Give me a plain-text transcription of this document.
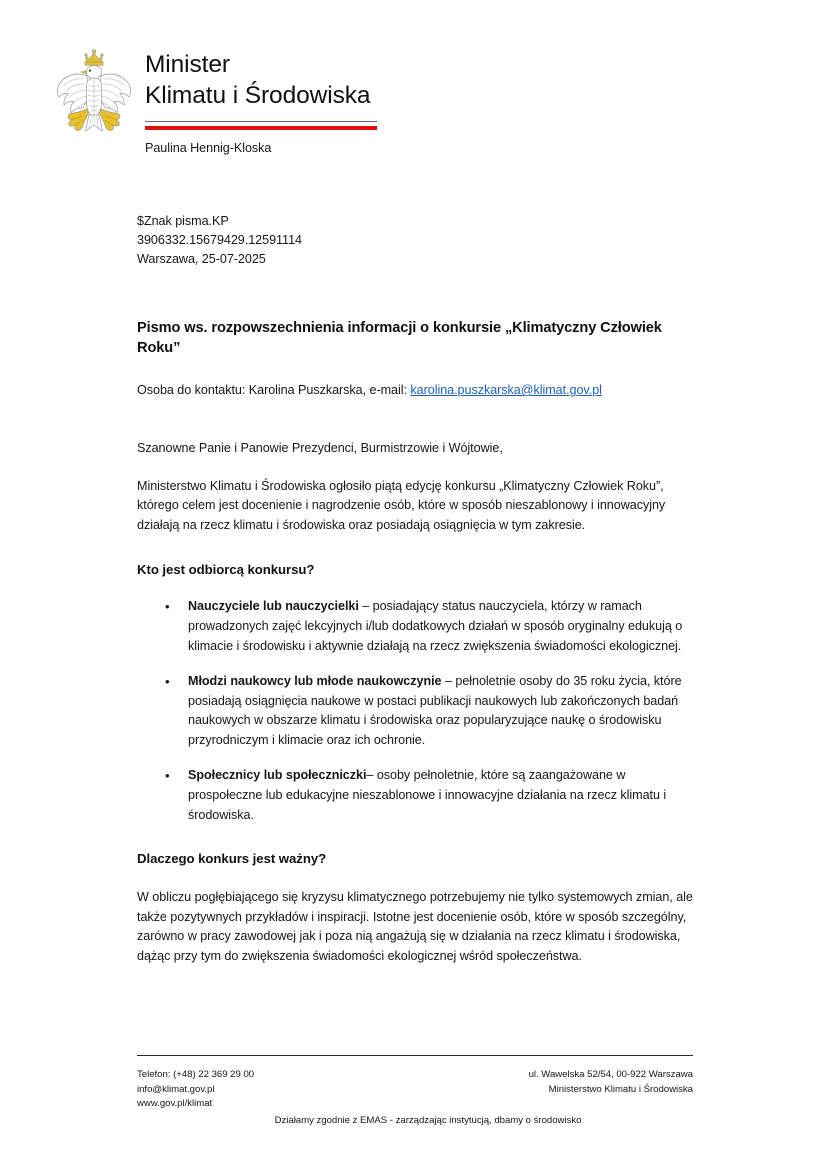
Minister
Klimatu i Środowiska
Paulina Hennig-Kloska
$Znak pisma.KP
3906332.15679429.12591114
Warszawa, 25-07-2025
Pismo ws. rozpowszechnienia informacji o konkursie „Klimatyczny Człowiek Roku”
Osoba do kontaktu: Karolina Puszkarska, e-mail: karolina.puszkarska@klimat.gov.pl
Szanowne Panie i Panowie Prezydenci, Burmistrzowie i Wójtowie,
Ministerstwo Klimatu i Środowiska ogłosiło piątą edycję konkursu „Klimatyczny Człowiek Roku”, którego celem jest docenienie i nagrodzenie osób, które w sposób nieszablonowy i innowacyjny działają na rzecz klimatu i środowiska oraz posiadają osiągnięcia w tym zakresie.
Kto jest odbiorcą konkursu?
• Nauczyciele lub nauczycielki – posiadający status nauczyciela, którzy w ramach prowadzonych zajęć lekcyjnych i/lub dodatkowych działań w sposób oryginalny edukują o klimacie i środowisku i aktywnie działają na rzecz zwiększenia świadomości ekologicznej.
• Młodzi naukowcy lub młode naukowczynie – pełnoletnie osoby do 35 roku życia, które posiadają osiągnięcia naukowe w postaci publikacji naukowych lub zakończonych badań naukowych w obszarze klimatu i środowiska oraz popularyzujące naukę o środowisku przyrodniczym i klimacie oraz ich ochronie.
• Społecznicy lub społeczniczki– osoby pełnoletnie, które są zaangażowane w prospołeczne lub edukacyjne nieszablonowe i innowacyjne działania na rzecz klimatu i środowiska.
Dlaczego konkurs jest ważny?
W obliczu pogłębiającego się kryzysu klimatycznego potrzebujemy nie tylko systemowych zmian, ale także pozytywnych przykładów i inspiracji. Istotne jest docenienie osób, które w sposób szczególny, zarówno w pracy zawodowej jak i poza nią angażują się w działania na rzecz klimatu i środowiska, dążąc przy tym do zwiększenia świadomości ekologicznej wśród społeczeństwa.
Telefon: (+48) 22 369 29 00
info@klimat.gov.pl
www.gov.pl/klimat
ul. Wawelska 52/54, 00-922 Warszawa
Ministerstwo Klimatu i Środowiska
Działamy zgodnie z EMAS - zarządzając instytucją, dbamy o środowisko
